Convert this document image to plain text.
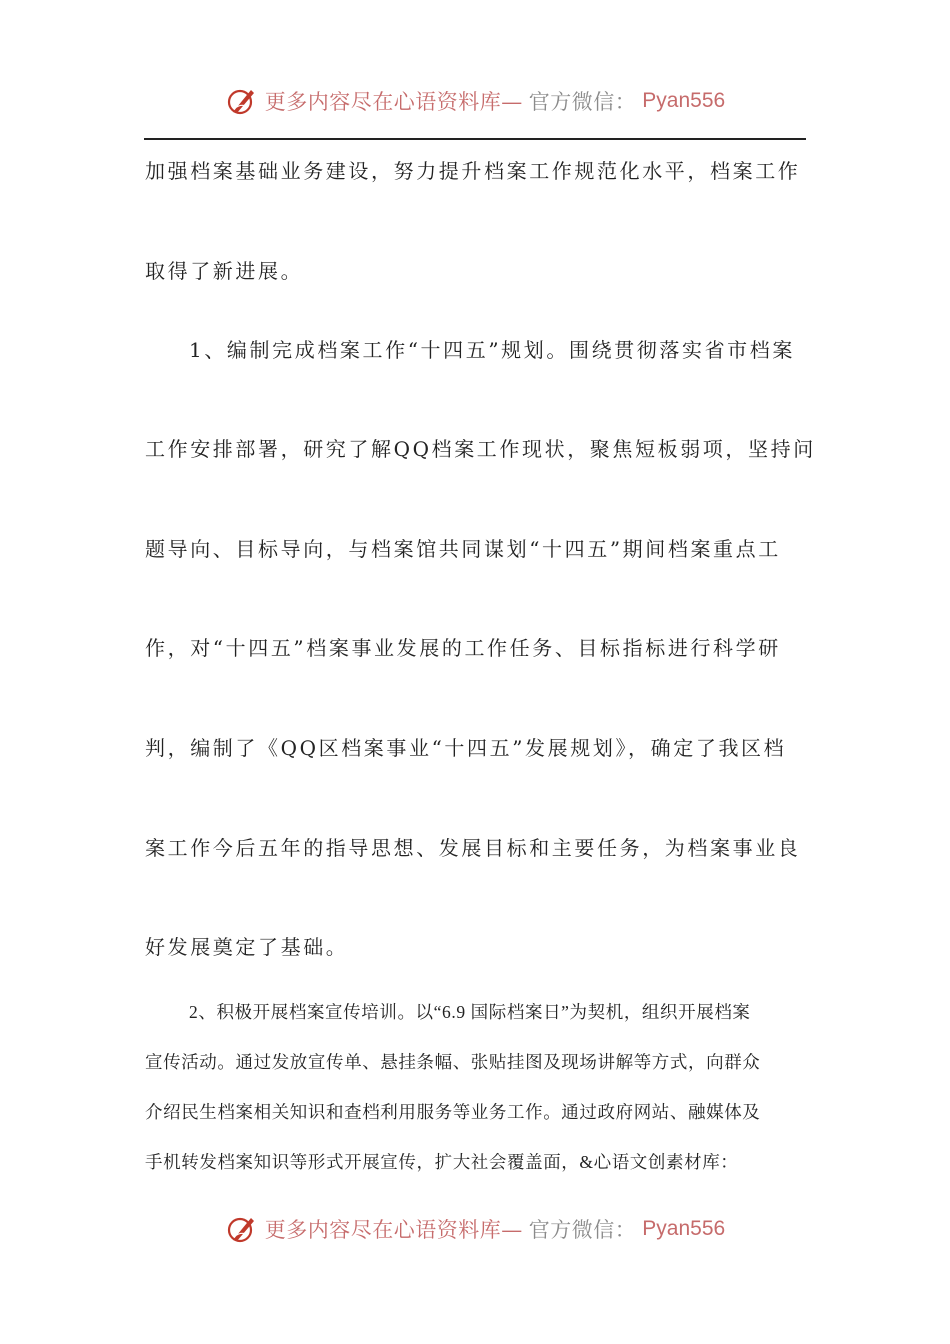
更多内容尽在心语资料库— 官方微信： Pyan556

加强档案基础业务建设，努力提升档案工作规范化水平，档案工作

取得了新进展。

1、编制完成档案工作“十四五”规划。围绕贯彻落实省市档案

工作安排部署，研究了解QQ档案工作现状，聚焦短板弱项，坚持问

题导向、目标导向，与档案馆共同谋划“十四五”期间档案重点工

作，对“十四五”档案事业发展的工作任务、目标指标进行科学研

判，编制了《QQ区档案事业“十四五”发展规划》，确定了我区档

案工作今后五年的指导思想、发展目标和主要任务，为档案事业良

好发展奠定了基础。

2、积极开展档案宣传培训。以“6.9 国际档案日”为契机，组织开展档案

宣传活动。通过发放宣传单、悬挂条幅、张贴挂图及现场讲解等方式，向群众

介绍民生档案相关知识和查档利用服务等业务工作。通过政府网站、融媒体及

手机转发档案知识等形式开展宣传，扩大社会覆盖面，&心语文创素材库：

更多内容尽在心语资料库— 官方微信： Pyan556
